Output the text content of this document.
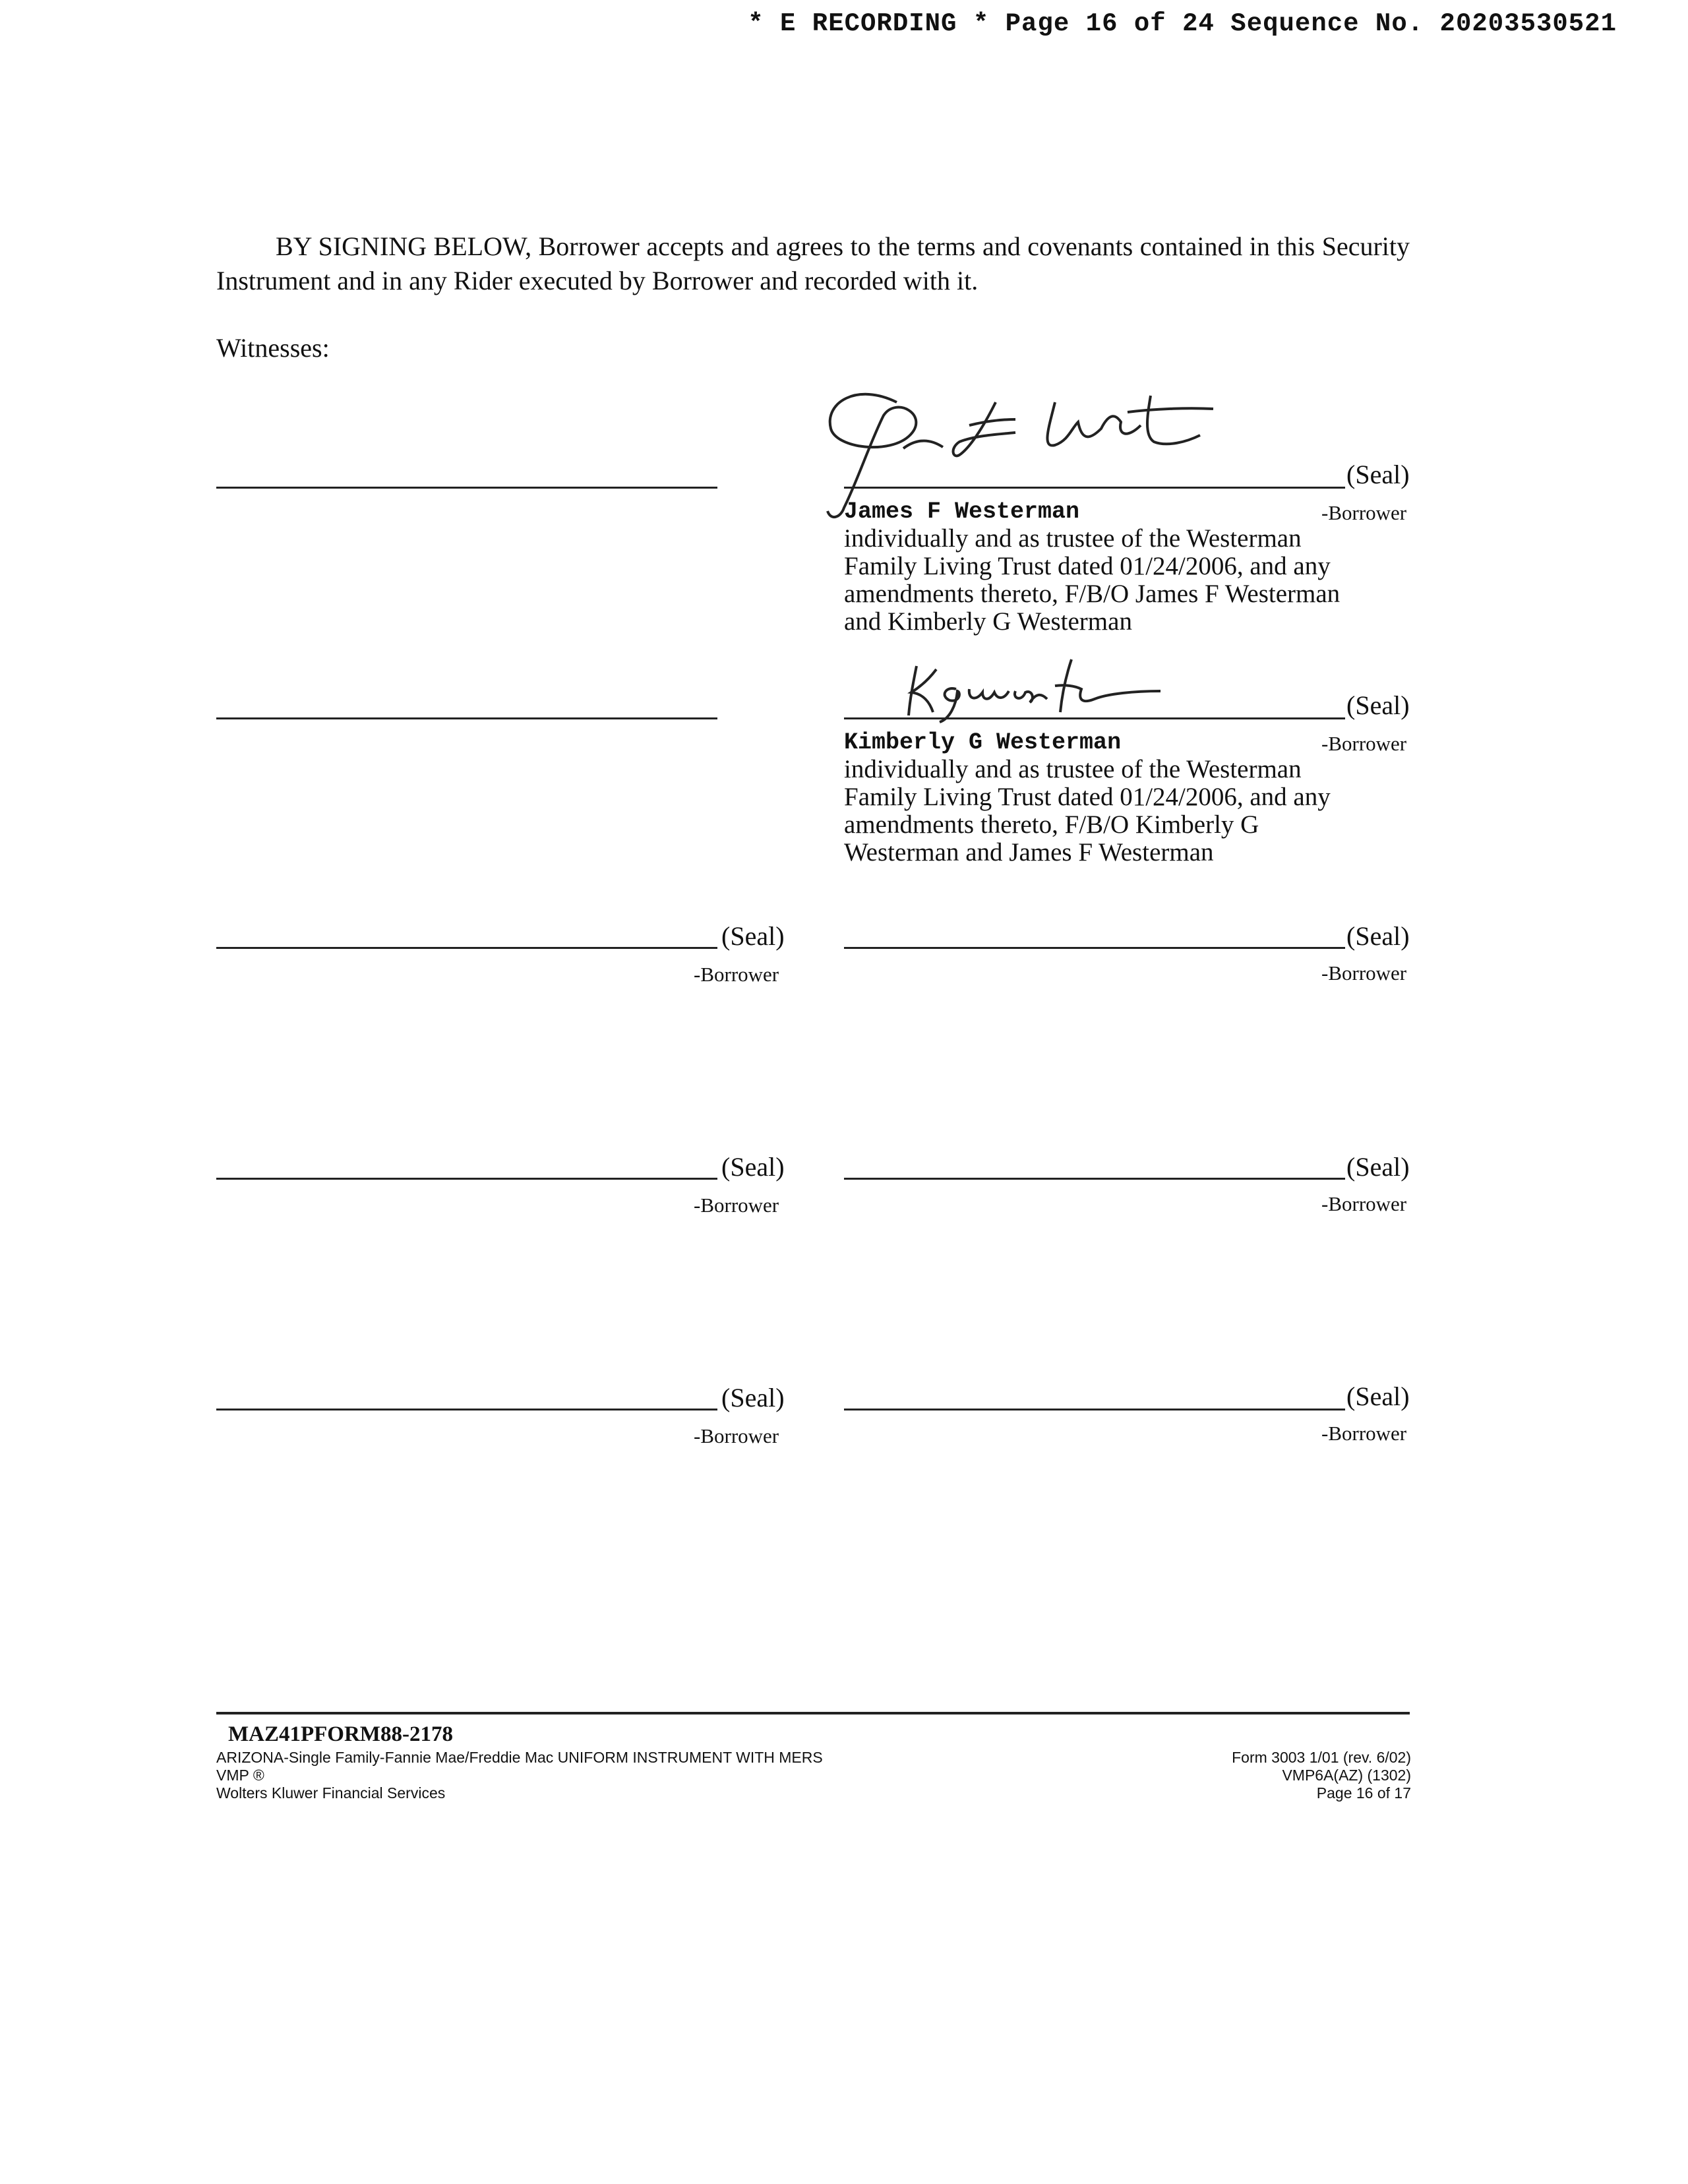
* E RECORDING * Page 16 of 24 Sequence No. 20203530521
BY SIGNING BELOW, Borrower accepts and agrees to the terms and covenants contained in this Security Instrument and in any Rider executed by Borrower and recorded with it.
Witnesses:
(Seal)
James F Westerman	-Borrower
individually and as trustee of the Westerman
Family Living Trust dated 01/24/2006, and any
amendments thereto, F/B/O James F Westerman
and Kimberly G Westerman
(Seal)
Kimberly G Westerman	-Borrower
individually and as trustee of the Westerman
Family Living Trust dated 01/24/2006, and any
amendments thereto, F/B/O Kimberly G
Westerman and James F Westerman
(Seal)
-Borrower
(Seal)
-Borrower
(Seal)
-Borrower
(Seal)
-Borrower
(Seal)
-Borrower
(Seal)
-Borrower
MAZ41PFORM88-2178
ARIZONA-Single Family-Fannie Mae/Freddie Mac UNIFORM INSTRUMENT WITH MERS
VMP ®
Wolters Kluwer Financial Services
Form 3003 1/01 (rev. 6/02)
VMP6A(AZ) (1302)
Page 16 of 17
